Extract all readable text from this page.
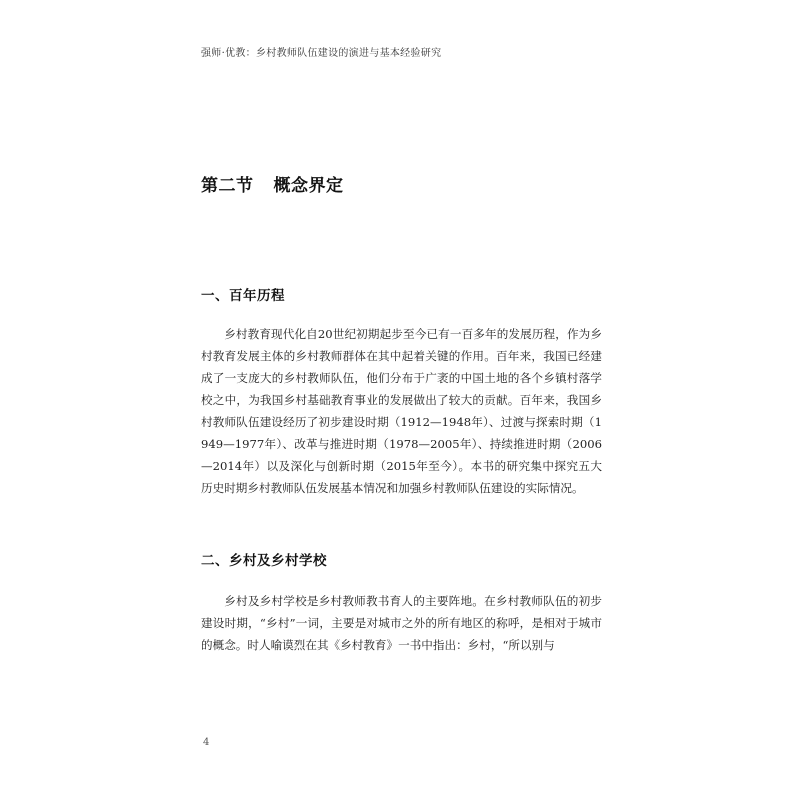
强师·优教：乡村教师队伍建设的演进与基本经验研究
第二节 概念界定
一、百年历程

乡村教育现代化自20世纪初期起步至今已有一百多年的发展历程，作为乡村教育发展主体的乡村教师群体在其中起着关键的作用。百年来，我国已经建成了一支庞大的乡村教师队伍，他们分布于广袤的中国土地的各个乡镇村落学校之中，为我国乡村基础教育事业的发展做出了较大的贡献。百年来，我国乡村教师队伍建设经历了初步建设时期（1912—1948年）、过渡与探索时期（1949—1977年）、改革与推进时期（1978—2005年）、持续推进时期（2006—2014年）以及深化与创新时期（2015年至今）。本书的研究集中探究五大历史时期乡村教师队伍发展基本情况和加强乡村教师队伍建设的实际情况。

二、乡村及乡村学校

乡村及乡村学校是乡村教师教书育人的主要阵地。在乡村教师队伍的初步建设时期，“乡村”一词，主要是对城市之外的所有地区的称呼，是相对于城市的概念。时人喻谟烈在其《乡村教育》一书中指出：乡村，“所以别与

4
